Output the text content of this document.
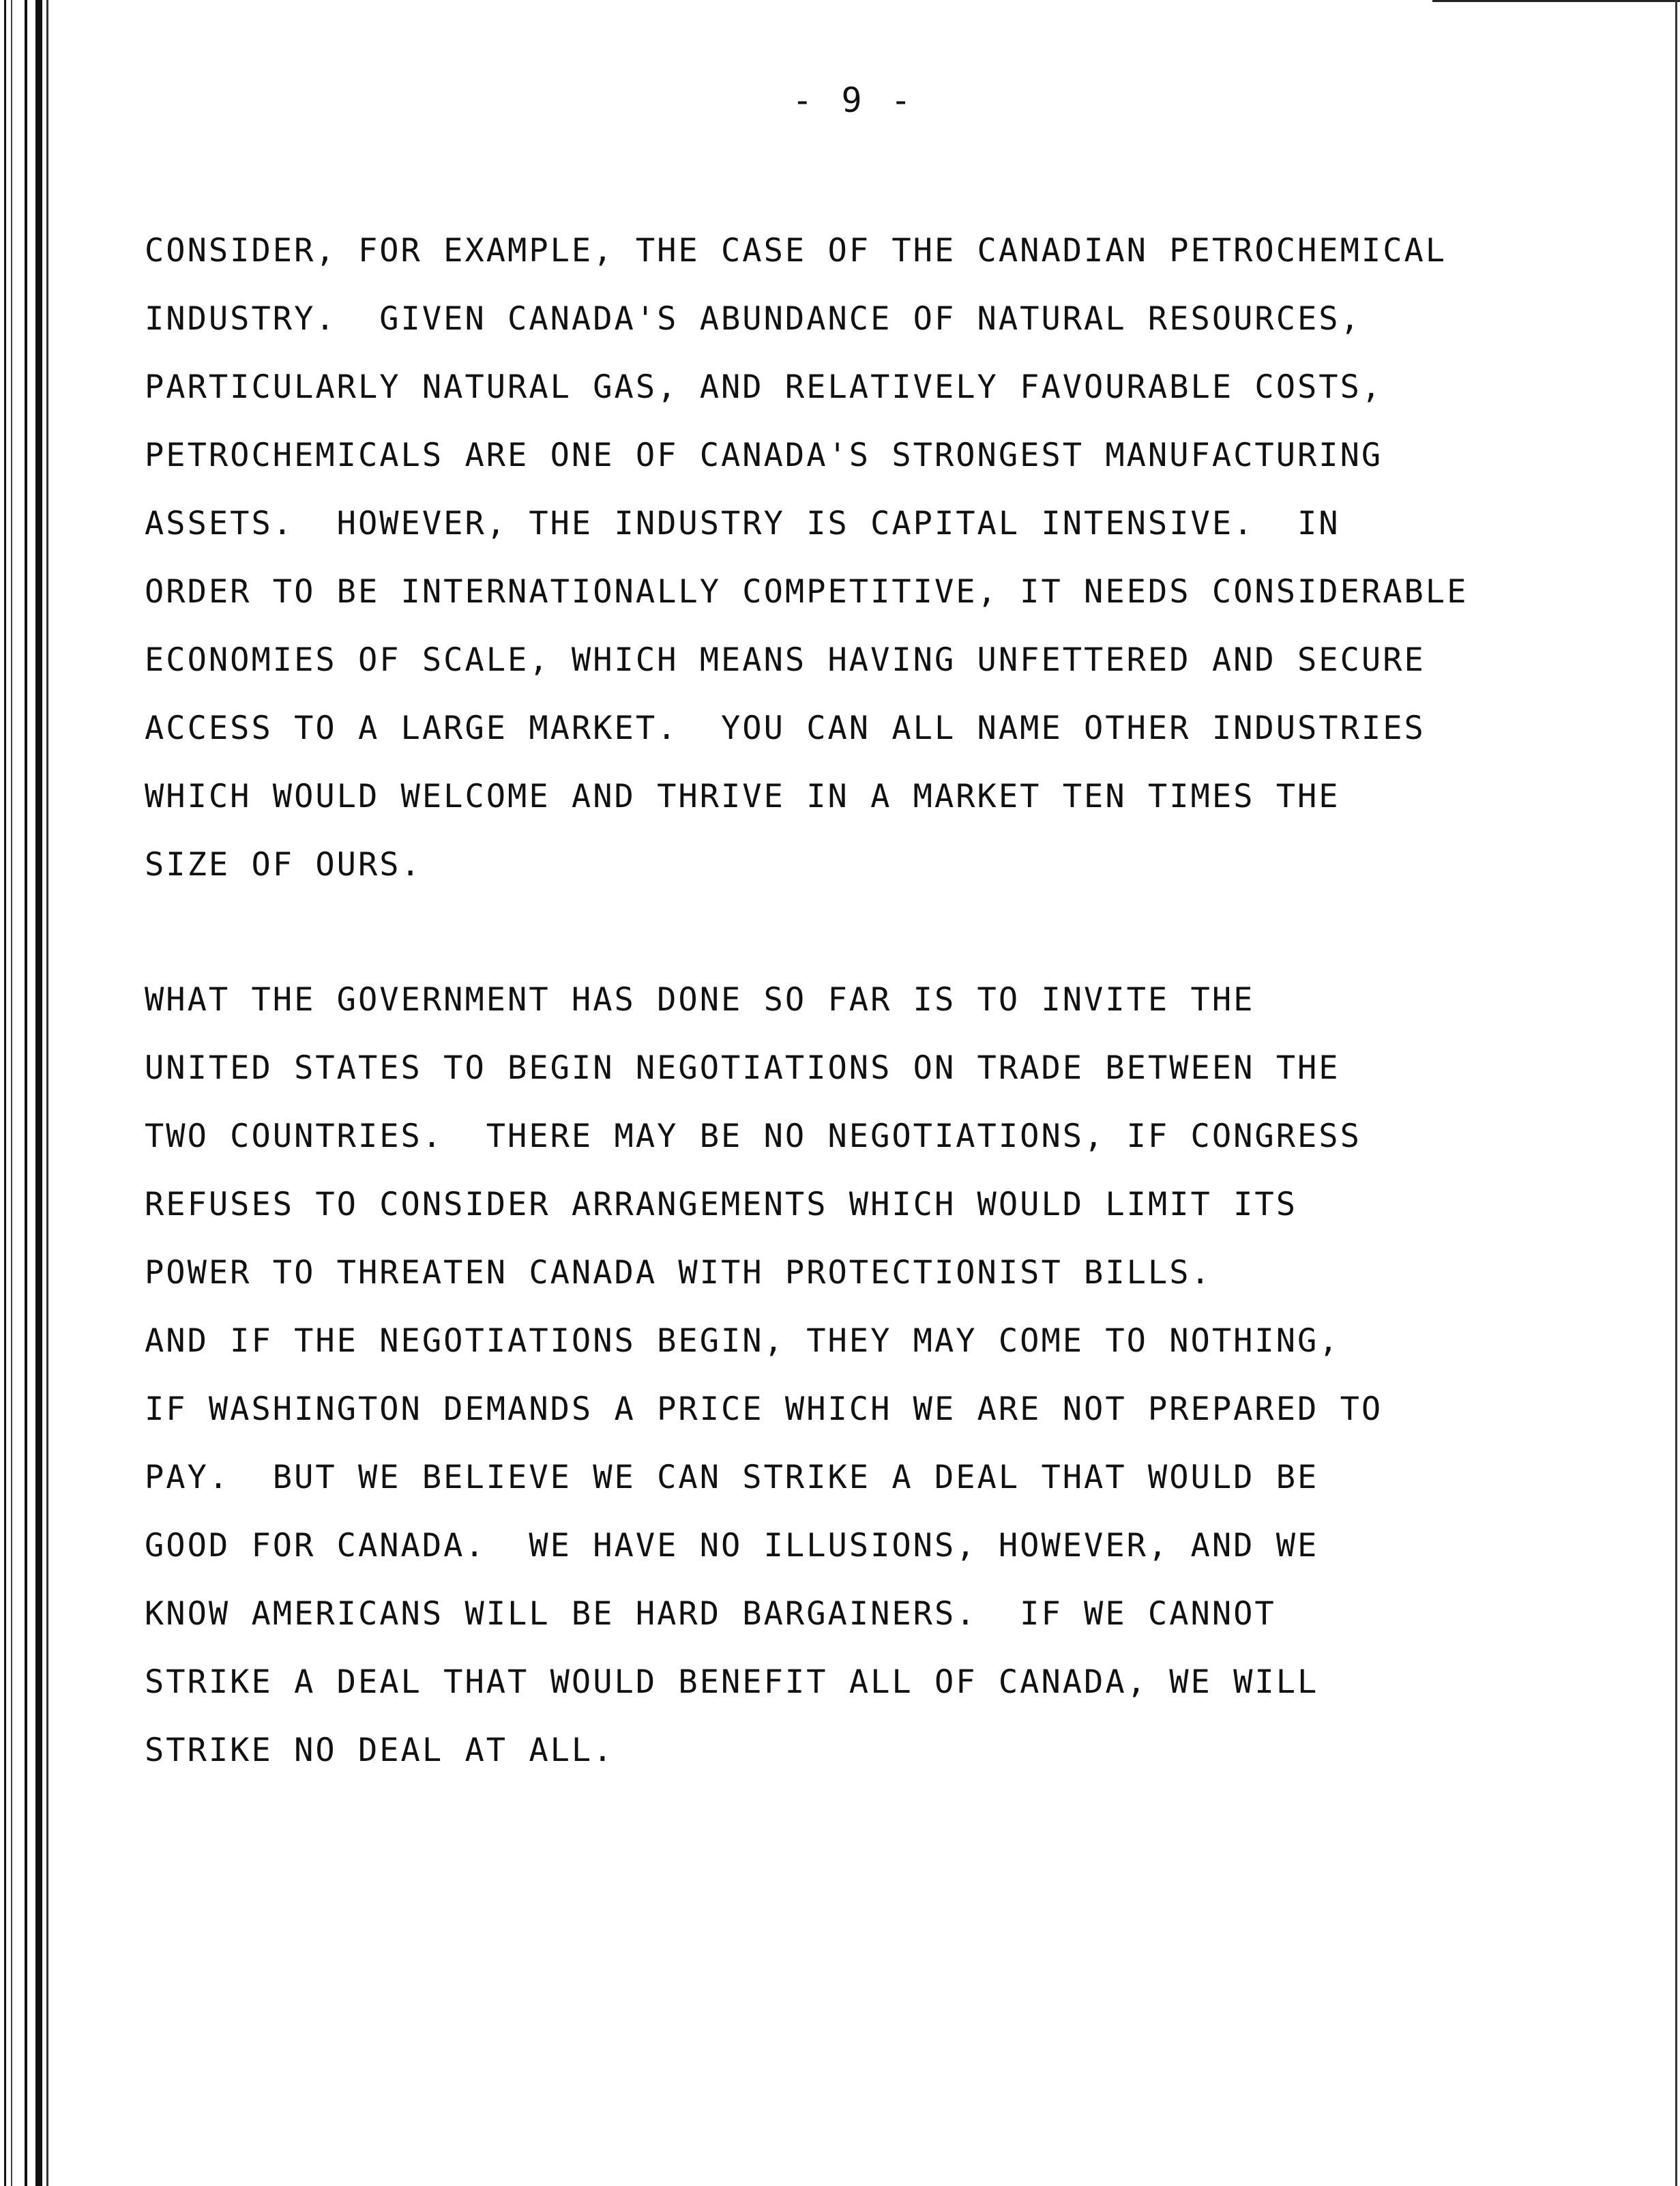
- 9 -

CONSIDER, FOR EXAMPLE, THE CASE OF THE CANADIAN PETROCHEMICAL
INDUSTRY.  GIVEN CANADA'S ABUNDANCE OF NATURAL RESOURCES,
PARTICULARLY NATURAL GAS, AND RELATIVELY FAVOURABLE COSTS,
PETROCHEMICALS ARE ONE OF CANADA'S STRONGEST MANUFACTURING
ASSETS.  HOWEVER, THE INDUSTRY IS CAPITAL INTENSIVE.  IN
ORDER TO BE INTERNATIONALLY COMPETITIVE, IT NEEDS CONSIDERABLE
ECONOMIES OF SCALE, WHICH MEANS HAVING UNFETTERED AND SECURE
ACCESS TO A LARGE MARKET.  YOU CAN ALL NAME OTHER INDUSTRIES
WHICH WOULD WELCOME AND THRIVE IN A MARKET TEN TIMES THE
SIZE OF OURS.

WHAT THE GOVERNMENT HAS DONE SO FAR IS TO INVITE THE
UNITED STATES TO BEGIN NEGOTIATIONS ON TRADE BETWEEN THE
TWO COUNTRIES.  THERE MAY BE NO NEGOTIATIONS, IF CONGRESS
REFUSES TO CONSIDER ARRANGEMENTS WHICH WOULD LIMIT ITS
POWER TO THREATEN CANADA WITH PROTECTIONIST BILLS.
AND IF THE NEGOTIATIONS BEGIN, THEY MAY COME TO NOTHING,
IF WASHINGTON DEMANDS A PRICE WHICH WE ARE NOT PREPARED TO
PAY.  BUT WE BELIEVE WE CAN STRIKE A DEAL THAT WOULD BE
GOOD FOR CANADA.  WE HAVE NO ILLUSIONS, HOWEVER, AND WE
KNOW AMERICANS WILL BE HARD BARGAINERS.  IF WE CANNOT
STRIKE A DEAL THAT WOULD BENEFIT ALL OF CANADA, WE WILL
STRIKE NO DEAL AT ALL.
